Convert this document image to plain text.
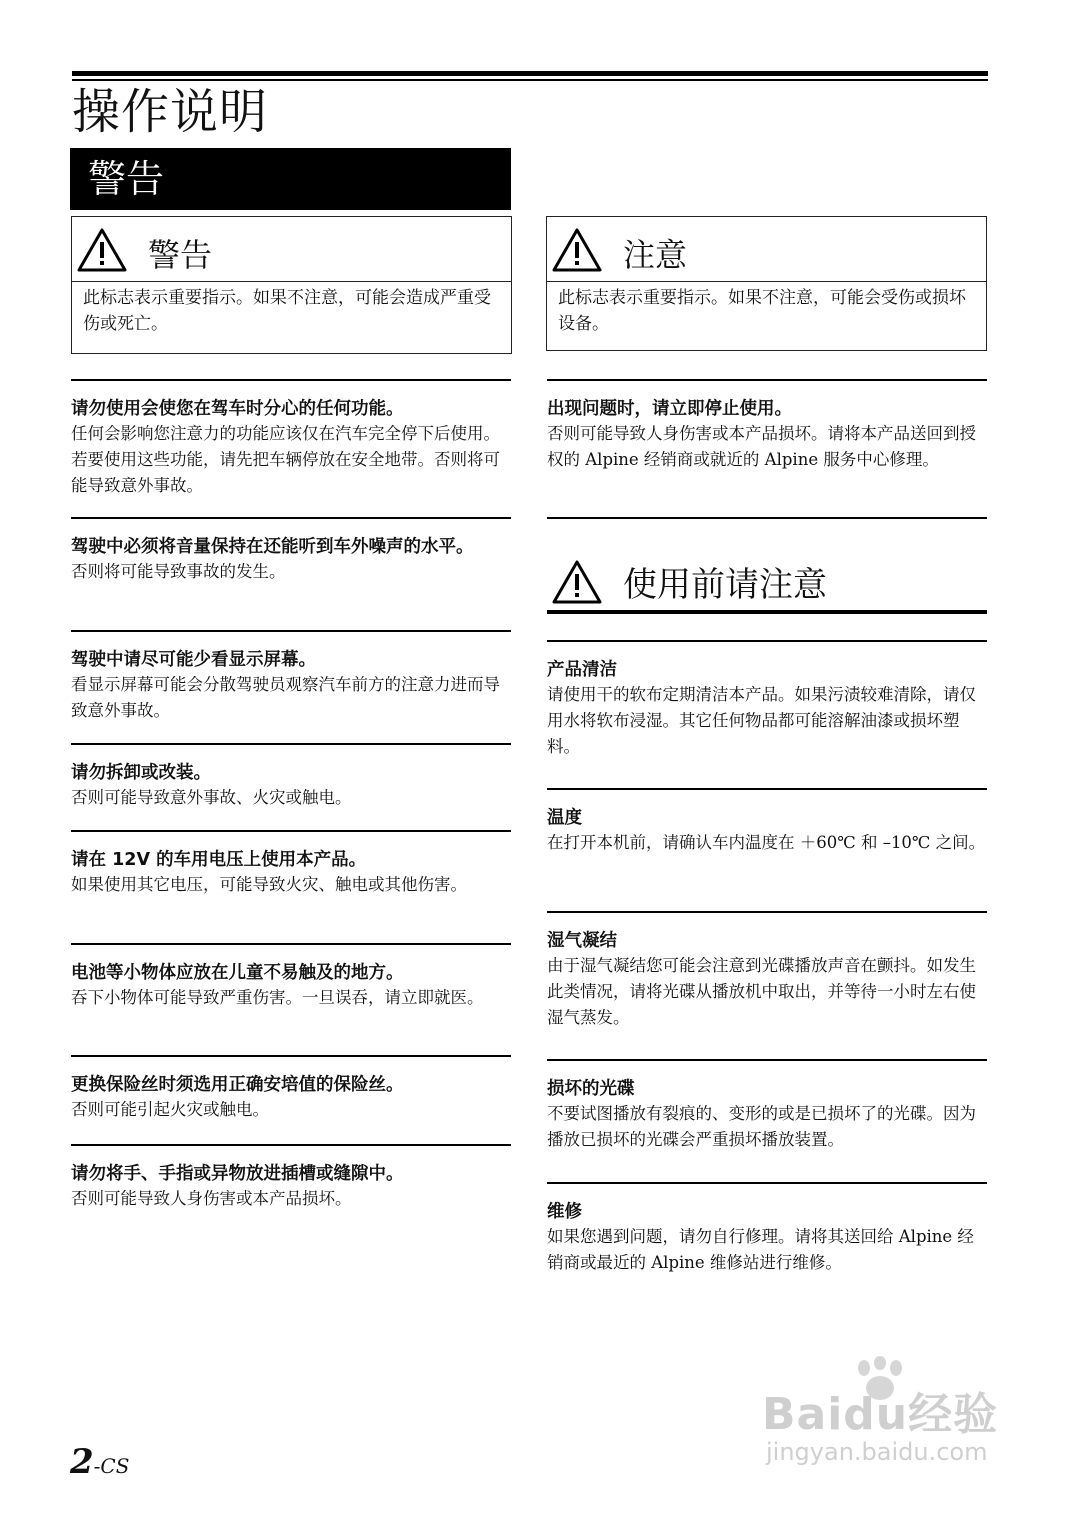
操作说明
警告
警告
此标志表示重要指示。如果不注意，可能会造成严重受伤或死亡。
注意
此标志表示重要指示。如果不注意，可能会受伤或损坏设备。
请勿使用会使您在驾车时分心的任何功能。

任何会影响您注意力的功能应该仅在汽车完全停下后使用。若要使用这些功能，请先把车辆停放在安全地带。否则将可能导致意外事故。

驾驶中必须将音量保持在还能听到车外噪声的水平。

否则将可能导致事故的发生。

驾驶中请尽可能少看显示屏幕。

看显示屏幕可能会分散驾驶员观察汽车前方的注意力进而导致意外事故。

请勿拆卸或改装。

否则可能导致意外事故、火灾或触电。

请在 12V 的车用电压上使用本产品。

如果使用其它电压，可能导致火灾、触电或其他伤害。

电池等小物体应放在儿童不易触及的地方。

吞下小物体可能导致严重伤害。一旦误吞，请立即就医。

更换保险丝时须选用正确安培值的保险丝。

否则可能引起火灾或触电。

请勿将手、手指或异物放进插槽或缝隙中。

否则可能导致人身伤害或本产品损坏。

出现问题时，请立即停止使用。

否则可能导致人身伤害或本产品损坏。请将本产品送回到授权的 Alpine 经销商或就近的 Alpine 服务中心修理。

使用前请注意
产品清洁

请使用干的软布定期清洁本产品。如果污渍较难清除，请仅用水将软布浸湿。其它任何物品都可能溶解油漆或损坏塑料。

温度

在打开本机前，请确认车内温度在 ＋60℃ 和 –10℃ 之间。

湿气凝结

由于湿气凝结您可能会注意到光碟播放声音在颤抖。如发生此类情况，请将光碟从播放机中取出，并等待一小时左右使湿气蒸发。

损坏的光碟

不要试图播放有裂痕的、变形的或是已损坏了的光碟。因为播放已损坏的光碟会严重损坏播放装置。

维修

如果您遇到问题，请勿自行修理。请将其送回给 Alpine 经销商或最近的 Alpine 维修站进行维修。

Baidu经验
jingyan.baidu.com
2-CS
